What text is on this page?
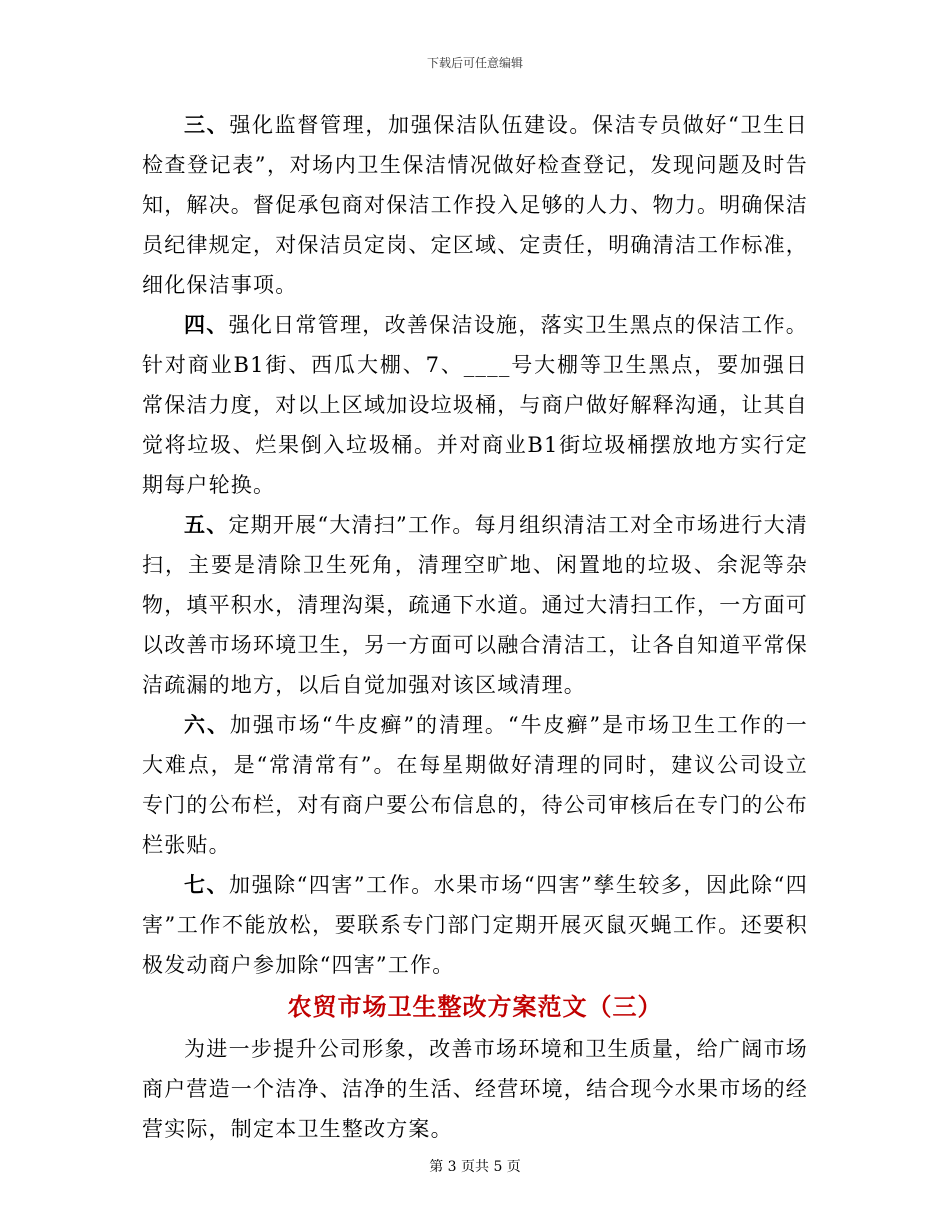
下载后可任意编辑

三、强化监督管理，加强保洁队伍建设。保洁专员做好“卫生日检查登记表”，对场内卫生保洁情况做好检查登记，发现问题及时告知，解决。督促承包商对保洁工作投入足够的人力、物力。明确保洁员纪律规定，对保洁员定岗、定区域、定责任，明确清洁工作标准，细化保洁事项。

四、强化日常管理，改善保洁设施，落实卫生黑点的保洁工作。针对商业B1街、西瓜大棚、7、____号大棚等卫生黑点，要加强日常保洁力度，对以上区域加设垃圾桶，与商户做好解释沟通，让其自觉将垃圾、烂果倒入垃圾桶。并对商业B1街垃圾桶摆放地方实行定期每户轮换。

五、定期开展“大清扫”工作。每月组织清洁工对全市场进行大清扫，主要是清除卫生死角，清理空旷地、闲置地的垃圾、余泥等杂物，填平积水，清理沟渠，疏通下水道。通过大清扫工作，一方面可以改善市场环境卫生，另一方面可以融合清洁工，让各自知道平常保洁疏漏的地方，以后自觉加强对该区域清理。

六、加强市场“牛皮癣”的清理。“牛皮癣”是市场卫生工作的一大难点，是“常清常有”。在每星期做好清理的同时，建议公司设立专门的公布栏，对有商户要公布信息的，待公司审核后在专门的公布栏张贴。

七、加强除“四害”工作。水果市场“四害”孳生较多，因此除“四害”工作不能放松，要联系专门部门定期开展灭鼠灭蝇工作。还要积极发动商户参加除“四害”工作。

农贸市场卫生整改方案范文（三）

为进一步提升公司形象，改善市场环境和卫生质量，给广阔市场商户营造一个洁净、洁净的生活、经营环境，结合现今水果市场的经营实际，制定本卫生整改方案。

第 3 页共 5 页
